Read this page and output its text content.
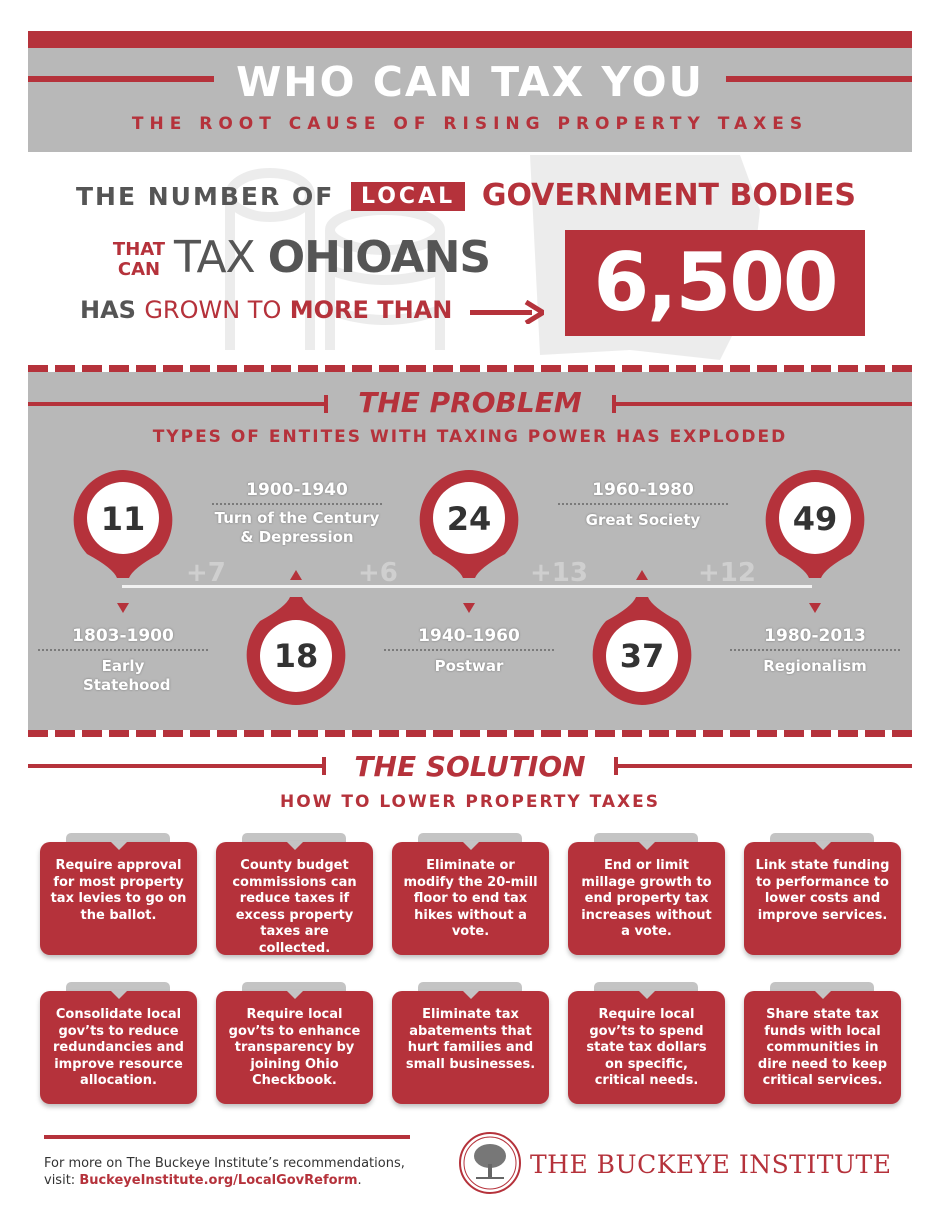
WHO CAN TAX YOU
THE ROOT CAUSE OF RISING PROPERTY TAXES
THE NUMBER OF LOCAL GOVERNMENT BODIES
THAT
CAN TAX OHIOANS
HAS GROWN TO MORE THAN	6,500
THE PROBLEM
TYPES OF ENTITES WITH TAXING POWER HAS EXPLODED
+7	+6	+13	+12
11	24	49
18	37
1803-1900
Early Statehood
1900-1940
Turn of the Century & Depression
1940-1960
Postwar
1960-1980
Great Society
1980-2013
Regionalism
THE SOLUTION
HOW TO LOWER PROPERTY TAXES
Require approval for most property tax levies to go on the ballot.
County budget commissions can reduce taxes if excess property taxes are collected.
Eliminate or modify the 20-mill floor to end tax hikes without a vote.
End or limit millage growth to end property tax increases without a vote.
Link state funding to performance to lower costs and improve services.
Consolidate local gov’ts to reduce redundancies and improve resource allocation.
Require local gov’ts to enhance transparency by joining Ohio Checkbook.
Eliminate tax abatements that hurt families and small businesses.
Require local gov’ts to spend state tax dollars on specific, critical needs.
Share state tax funds with local communities in dire need to keep critical services.
For more on The Buckeye Institute’s recommendations, visit: BuckeyeInstitute.org/LocalGovReform.
THE BUCKEYE INSTITUTE
